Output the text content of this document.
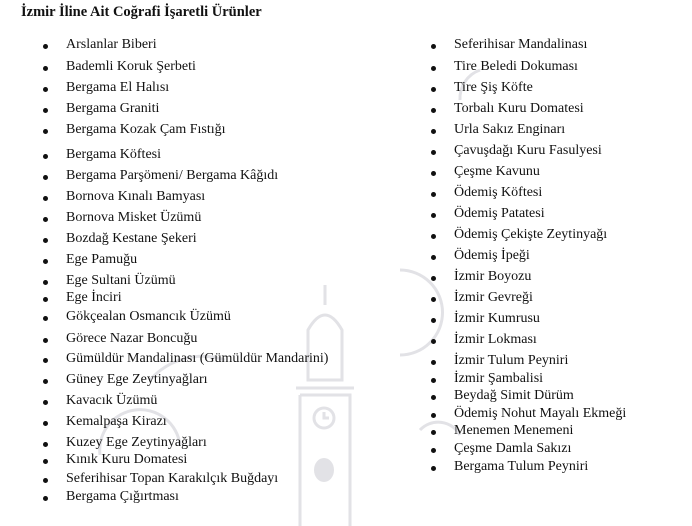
İzmir İline Ait Coğrafi İşaretli Ürünler
Arslanlar Biberi
Bademli Koruk Şerbeti
Bergama El Halısı
Bergama Graniti
Bergama Kozak Çam Fıstığı
Bergama Köftesi
Bergama Parşömeni/ Bergama Kâğıdı
Bornova Kınalı Bamyası
Bornova Misket Üzümü
Bozdağ Kestane Şekeri
Ege Pamuğu
Ege Sultani Üzümü
Ege İnciri
Gökçealan Osmancık Üzümü
Görece Nazar Boncuğu
Gümüldür Mandalinası (Gümüldür Mandarini)
Güney Ege Zeytinyağları
Kavacık Üzümü
Kemalpaşa Kirazı
Kuzey Ege Zeytinyağları
Kınık Kuru Domatesi
Seferihisar Topan Karakılçık Buğdayı
Bergama Çığırtması
Seferihisar Mandalinası
Tire Beledi Dokuması
Tire Şiş Köfte
Torbalı Kuru Domatesi
Urla Sakız Enginarı
Çavuşdağı Kuru Fasulyesi
Çeşme Kavunu
Ödemiş Köftesi
Ödemiş Patatesi
Ödemiş Çekişte Zeytinyağı
Ödemiş İpeği
İzmir Boyozu
İzmir Gevreği
İzmir Kumrusu
İzmir Lokması
İzmir Tulum Peyniri
İzmir Şambalisi
Beydağ Simit Dürüm
Ödemiş Nohut Mayalı Ekmeği
Menemen Menemeni
Çeşme Damla Sakızı
Bergama Tulum Peyniri
